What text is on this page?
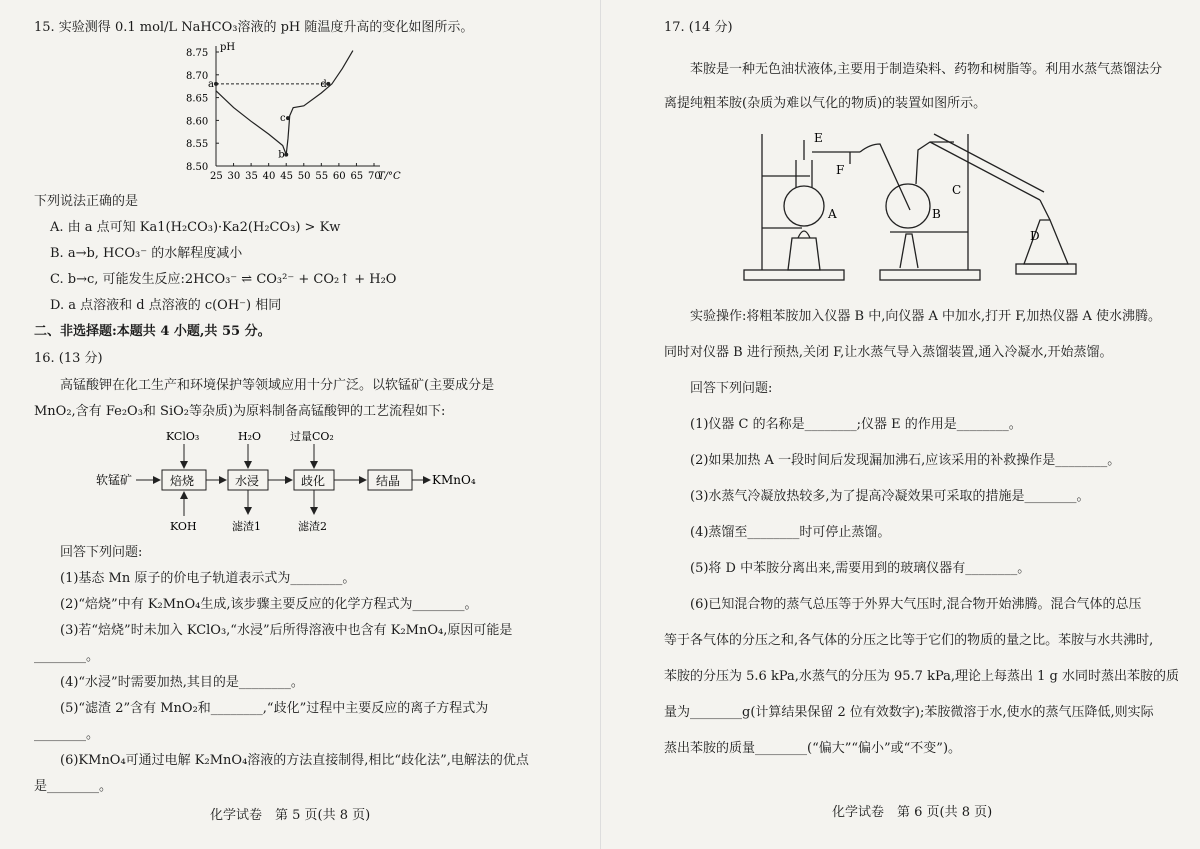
15. 实验测得 0.1 mol/L NaHCO₃溶液的 pH 随温度升高的变化如图所示。
8.50
8.55
8.60
8.65
8.70
8.75
25 30 35 40 45 50 55 60 65 70
T/°C
pH
a
b
c
d
下列说法正确的是
A. 由 a 点可知 Ka1(H₂CO₃)·Ka2(H₂CO₃) > Kw
B. a→b, HCO₃⁻ 的水解程度减小
C. b→c, 可能发生反应:2HCO₃⁻ ⇌ CO₃²⁻ + CO₂↑ + H₂O
D. a 点溶液和 d 点溶液的 c(OH⁻) 相同
二、非选择题:本题共 4 小题,共 55 分。
16. (13 分)
高锰酸钾在化工生产和环境保护等领域应用十分广泛。以软锰矿(主要成分是
MnO₂,含有 Fe₂O₃和 SiO₂等杂质)为原料制备高锰酸钾的工艺流程如下:
软锰矿	焙烧	水浸	歧化	结晶	KMnO₄
KClO₃	H₂O	过量CO₂
KOH	滤渣1	滤渣2
回答下列问题:
(1)基态 Mn 原子的价电子轨道表示式为________。
(2)“焙烧”中有 K₂MnO₄生成,该步骤主要反应的化学方程式为________。
(3)若“焙烧”时未加入 KClO₃,“水浸”后所得溶液中也含有 K₂MnO₄,原因可能是
________。
(4)“水浸”时需要加热,其目的是________。
(5)“滤渣 2”含有 MnO₂和________,“歧化”过程中主要反应的离子方程式为
________。
(6)KMnO₄可通过电解 K₂MnO₄溶液的方法直接制得,相比“歧化法”,电解法的优点
是________。
化学试卷　第 5 页(共 8 页)
17. (14 分)
苯胺是一种无色油状液体,主要用于制造染料、药物和树脂等。利用水蒸气蒸馏法分
离提纯粗苯胺(杂质为难以气化的物质)的装置如图所示。
E
F
C
A	B
D
实验操作:将粗苯胺加入仪器 B 中,向仪器 A 中加水,打开 F,加热仪器 A 使水沸腾。
同时对仪器 B 进行预热,关闭 F,让水蒸气导入蒸馏装置,通入冷凝水,开始蒸馏。
回答下列问题:
(1)仪器 C 的名称是________;仪器 E 的作用是________。
(2)如果加热 A 一段时间后发现漏加沸石,应该采用的补救操作是________。
(3)水蒸气冷凝放热较多,为了提高冷凝效果可采取的措施是________。
(4)蒸馏至________时可停止蒸馏。
(5)将 D 中苯胺分离出来,需要用到的玻璃仪器有________。
(6)已知混合物的蒸气总压等于外界大气压时,混合物开始沸腾。混合气体的总压
等于各气体的分压之和,各气体的分压之比等于它们的物质的量之比。苯胺与水共沸时,
苯胺的分压为 5.6 kPa,水蒸气的分压为 95.7 kPa,理论上每蒸出 1 g 水同时蒸出苯胺的质
量为________g(计算结果保留 2 位有效数字);苯胺微溶于水,使水的蒸气压降低,则实际
蒸出苯胺的质量________(“偏大”“偏小”或“不变”)。
化学试卷　第 6 页(共 8 页)
